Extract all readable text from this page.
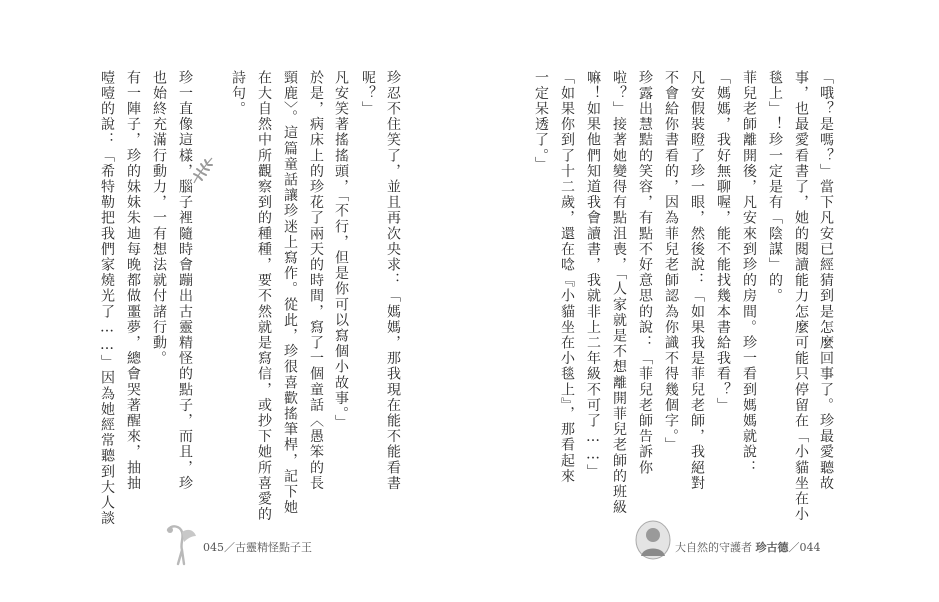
珍忍不住笑了，並且再次央求：「媽媽，那我現在能不能看書
呢？」
凡安笑著搖搖頭，「不行，但是你可以寫個小故事。」
於是，病床上的珍花了兩天的時間，寫了一個童話〈愚笨的長
頸鹿〉。這篇童話讓珍迷上寫作。從此，珍很喜歡搖筆桿，記下她
在大自然中所觀察到的種種，要不然就是寫信，或抄下她所喜愛的
詩句。
珍一直像這樣，腦子裡隨時會蹦出古靈精怪的點子，而且，珍
也始終充滿行動力，一有想法就付諸行動。
有一陣子，珍的妹妹朱迪每晚都做噩夢，總會哭著醒來，抽抽
噎噎的說：「希特勒把我們家燒光了……」因為她經常聽到大人談
045／古靈精怪點子王
「哦？是嗎？」當下凡安已經猜到是怎麼回事了。珍最愛聽故
事，也最愛看書了，她的閱讀能力怎麼可能只停留在「小貓坐在小
毯上」！珍一定是有「陰謀」的。
菲兒老師離開後，凡安來到珍的房間。珍一看到媽媽就說：
「媽媽，我好無聊喔，能不能找幾本書給我看？」
凡安假裝瞪了珍一眼，然後說：「如果我是菲兒老師，我絕對
不會給你書看的，因為菲兒老師認為你識不得幾個字。」
珍露出慧黠的笑容，有點不好意思的說：「菲兒老師告訴你
啦？」接著她變得有點沮喪，「人家就是不想離開菲兒老師的班級
嘛！如果他們知道我會讀書，我就非上二年級不可了……」
「如果你到了十二歲，還在唸『小貓坐在小毯上』，那看起來
一定呆透了。」
大自然的守護者 珍古德／044
